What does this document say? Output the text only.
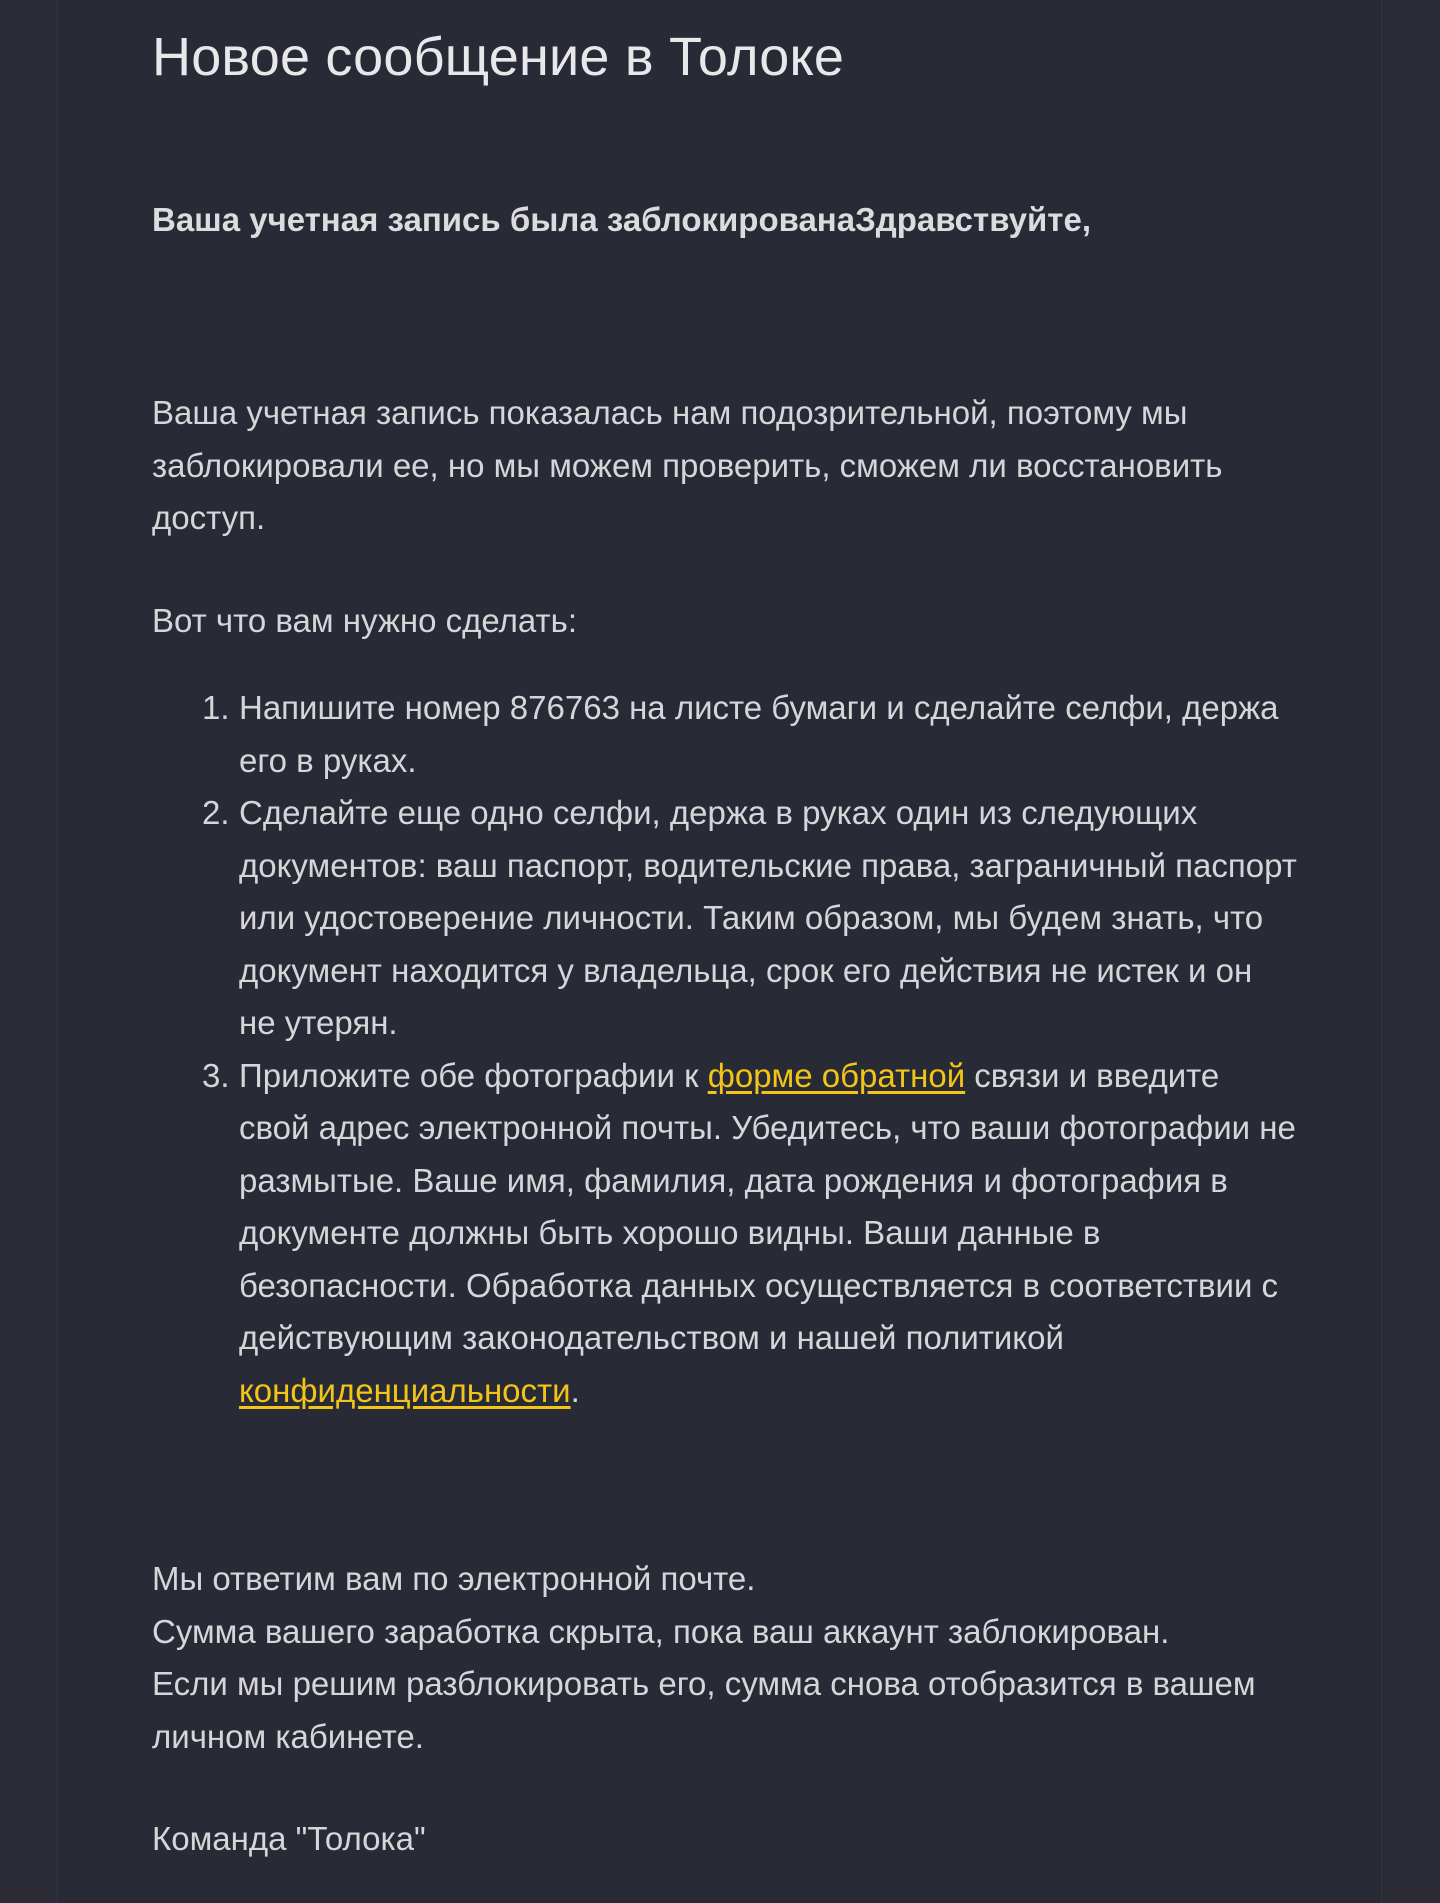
Новое сообщение в Толоке
Ваша учетная запись была заблокированаЗдравствуйте,

Ваша учетная запись показалась нам подозрительной, поэтому мы заблокировали ее, но мы можем проверить, сможем ли восстановить доступ.

Вот что вам нужно сделать:

1. Напишите номер 876763 на листе бумаги и сделайте селфи, держа его в руках.
2. Сделайте еще одно селфи, держа в руках один из следующих документов: ваш паспорт, водительские права, заграничный паспорт или удостоверение личности. Таким образом, мы будем знать, что документ находится у владельца, срок его действия не истек и он не утерян.
3. Приложите обе фотографии к форме обратной связи и введите свой адрес электронной почты. Убедитесь, что ваши фотографии не размытые. Ваше имя, фамилия, дата рождения и фотография в документе должны быть хорошо видны. Ваши данные в безопасности. Обработка данных осуществляется в соответствии с действующим законодательством и нашей политикой конфиденциальности.
Мы ответим вам по электронной почте.
Сумма вашего заработка скрыта, пока ваш аккаунт заблокирован.
Если мы решим разблокировать его, сумма снова отобразится в вашем личном кабинете.

Команда "Толока"
